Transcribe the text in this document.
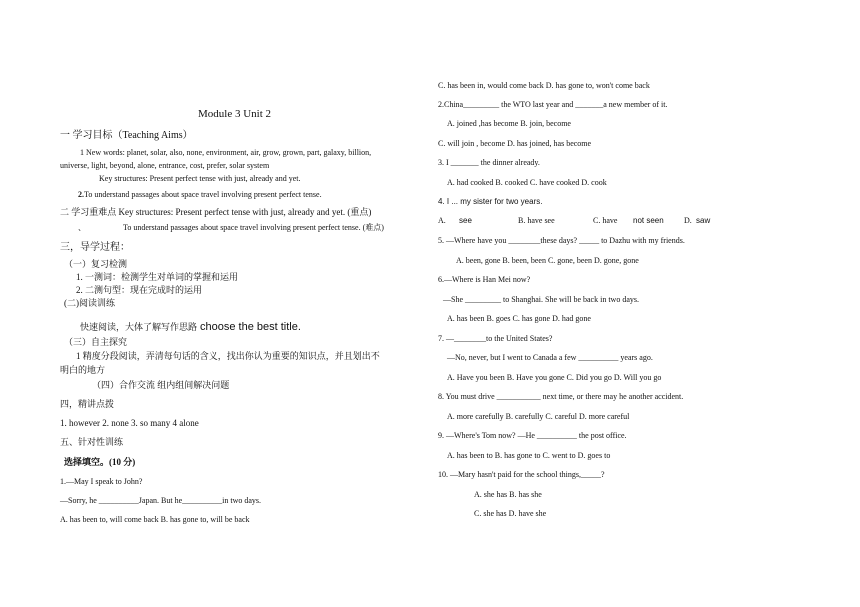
Module 3 Unit 2
一 学习目标（Teaching Aims）
1 New words: planet, solar, also, none, environment, air, grow, grown, part, galaxy, billion,
universe, light, beyond, alone, entrance, cost, prefer, solar system
Key structures: Present perfect tense with just, already and yet.
2.To understand passages about space travel involving present perfect tense.
二 学习重难点 Key structures: Present perfect tense with just, already and yet. (重点)
、	To understand passages about space travel involving present perfect tense. (难点)
三，导学过程：
（一）复习检测
1. 一测词：检测学生对单词的掌握和运用
2. 二测句型：现在完成时的运用
(二)阅读训练
快速阅读，大体了解写作思路 choose the best title.
（三）自主探究
1 精度分段阅读，弄清每句话的含义，找出你认为重要的知识点，并且划出不
明白的地方
（四）合作交流 组内组间解决问题
四，精讲点拨
1. however 2. none 3. so many 4 alone
五、针对性训练
选择填空。(10 分)
1.—May I speak to John?
—Sorry, he __________Japan. But he__________in two days.
A. has been to, will come back B. has gone to, will be back
C. has been in, would come back D. has gone to, won't come back
2.China_________ the WTO last year and _______a new member of it.
A. joined ,has become B. join, become
C. will join , become D. has joined, has become
3. I _______ the dinner already.
A. had cooked B. cooked C. have cooked D. cook
4. I ... my sister for two years.
A. see	B. have see	C. have not seen	D. saw
5. —Where have you ________these days? _____ to Dazhu with my friends.
A. been, gone B. been, been C. gone, been D. gone, gone
6.—Where is Han Mei now?
—She _________ to Shanghai. She will be back in two days.
A. has been B. goes C. has gone D. had gone
7. —________to the United States?
—No, never, but I went to Canada a few __________ years ago.
A. Have you been B. Have you gone C. Did you go D. Will you go
8. You must drive ___________ next time, or there may he another accident.
A. more carefully B. carefully C. careful D. more careful
9. —Where's Tom now? —He __________ the post office.
A. has been to B. has gone to C. went to D. goes to
10. —Mary hasn't paid for the school things,_____?
A. she has B. has she
C. she has D. have she
